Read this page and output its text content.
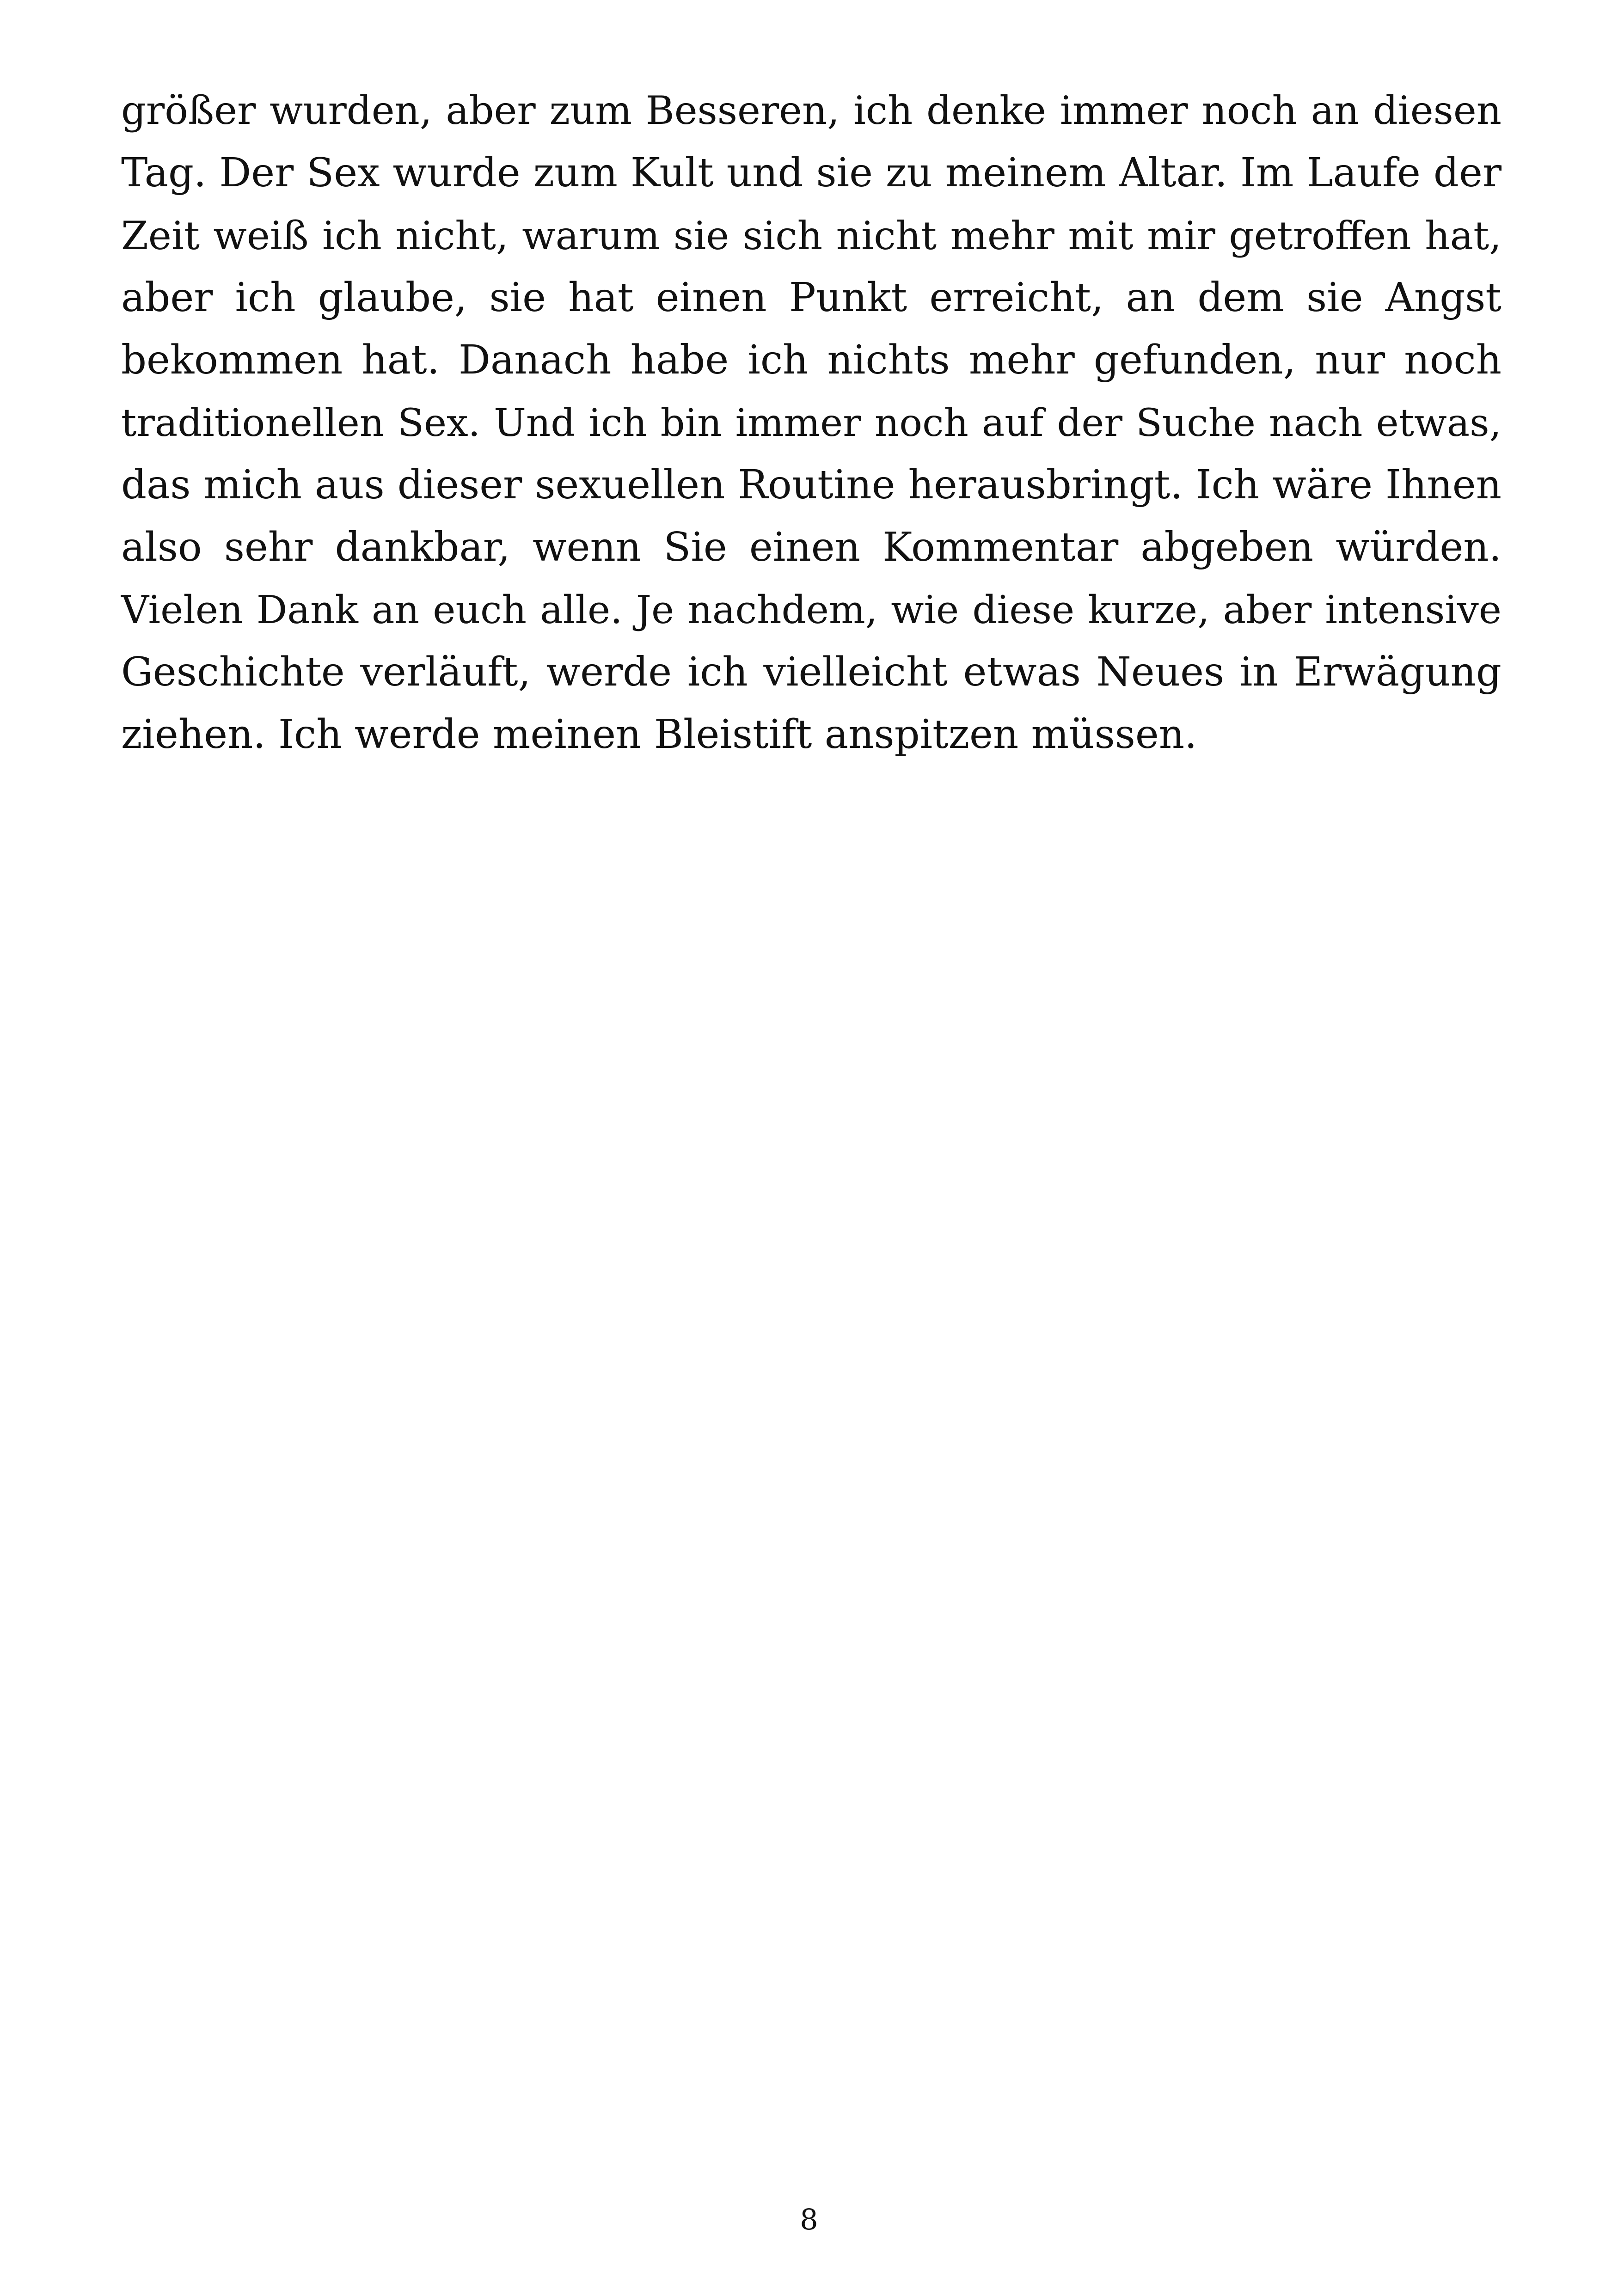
größer wurden, aber zum Besseren, ich denke immer noch an diesen
Tag. Der Sex wurde zum Kult und sie zu meinem Altar. Im Laufe der
Zeit weiß ich nicht, warum sie sich nicht mehr mit mir getroffen hat,
aber ich glaube, sie hat einen Punkt erreicht, an dem sie Angst
bekommen hat. Danach habe ich nichts mehr gefunden, nur noch
traditionellen Sex. Und ich bin immer noch auf der Suche nach etwas,
das mich aus dieser sexuellen Routine herausbringt. Ich wäre Ihnen
also sehr dankbar, wenn Sie einen Kommentar abgeben würden.
Vielen Dank an euch alle. Je nachdem, wie diese kurze, aber intensive
Geschichte verläuft, werde ich vielleicht etwas Neues in Erwägung
ziehen. Ich werde meinen Bleistift anspitzen müssen.

8
